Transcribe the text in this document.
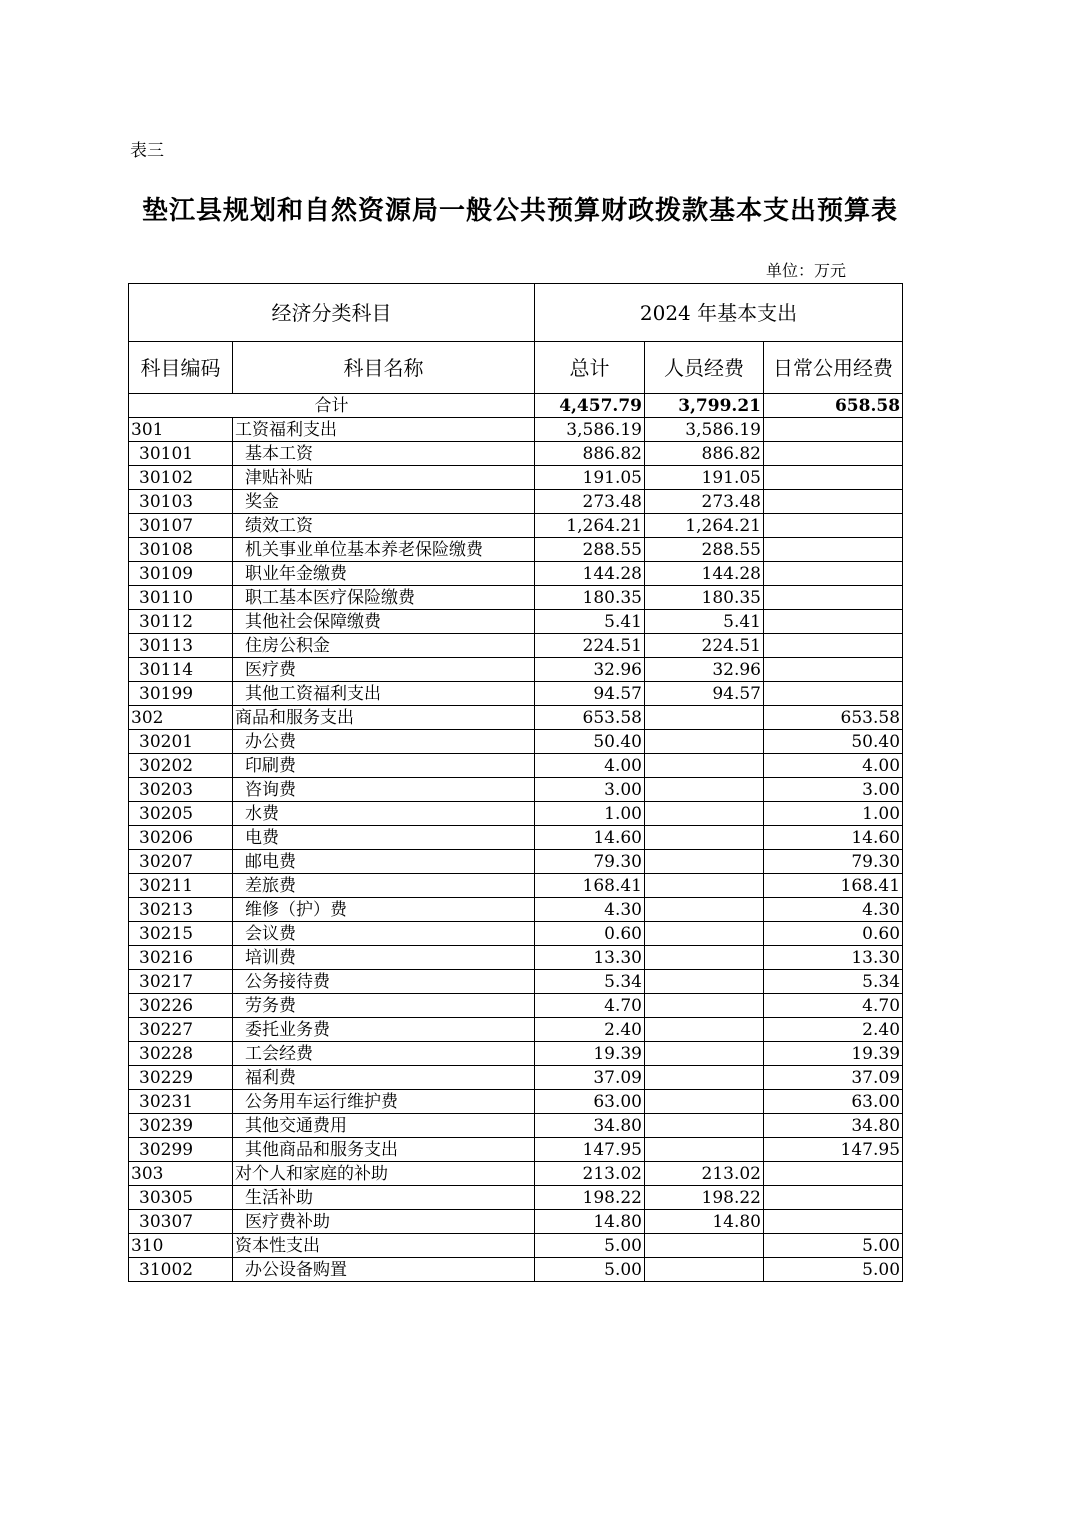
表三
垫江县规划和自然资源局一般公共预算财政拨款基本支出预算表
单位：万元
经济分类科目		2024 年基本支出		
科目编码	科目名称	总计	人员经费	日常公用经费
合计		4,457.79	3,799.21	658.58
301	工资福利支出	3,586.19	3,586.19	
30101	基本工资	886.82	886.82	
30102	津贴补贴	191.05	191.05	
30103	奖金	273.48	273.48	
30107	绩效工资	1,264.21	1,264.21	
30108	机关事业单位基本养老保险缴费	288.55	288.55	
30109	职业年金缴费	144.28	144.28	
30110	职工基本医疗保险缴费	180.35	180.35	
30112	其他社会保障缴费	5.41	5.41	
30113	住房公积金	224.51	224.51	
30114	医疗费	32.96	32.96	
30199	其他工资福利支出	94.57	94.57	
302	商品和服务支出	653.58		653.58
30201	办公费	50.40		50.40
30202	印刷费	4.00		4.00
30203	咨询费	3.00		3.00
30205	水费	1.00		1.00
30206	电费	14.60		14.60
30207	邮电费	79.30		79.30
30211	差旅费	168.41		168.41
30213	维修（护）费	4.30		4.30
30215	会议费	0.60		0.60
30216	培训费	13.30		13.30
30217	公务接待费	5.34		5.34
30226	劳务费	4.70		4.70
30227	委托业务费	2.40		2.40
30228	工会经费	19.39		19.39
30229	福利费	37.09		37.09
30231	公务用车运行维护费	63.00		63.00
30239	其他交通费用	34.80		34.80
30299	其他商品和服务支出	147.95		147.95
303	对个人和家庭的补助	213.02	213.02	
30305	生活补助	198.22	198.22	
30307	医疗费补助	14.80	14.80	
310	资本性支出	5.00		5.00
31002	办公设备购置	5.00		5.00
